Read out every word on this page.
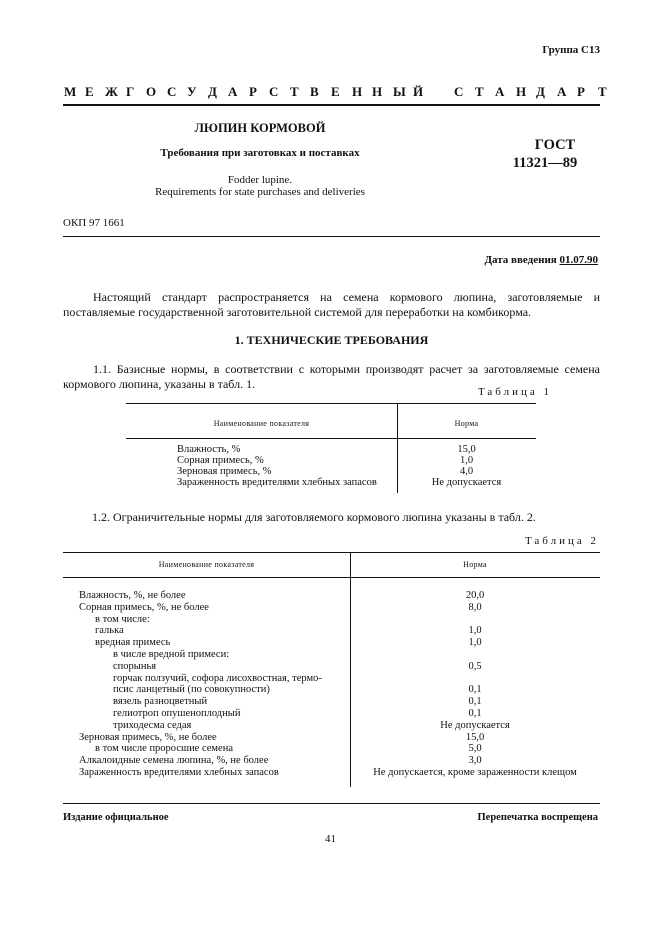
Группа С13
М Е Ж Г О С У Д А Р С Т В Е Н Н Ы Й С Т А Н Д А Р Т
ЛЮПИН КОРМОВОЙ
Требования при заготовках и поставках
Fodder lupine.
Requirements for state purchases and deliveries
ГОСТ
11321—89
ОКП 97 1661
Дата введения 01.07.90
Настоящий стандарт распространяется на семена кормового люпина, заготовляемые и поставляемые государственной заготовительной системой для переработки на комбикорма.
1. ТЕХНИЧЕСКИЕ ТРЕБОВАНИЯ
1.1. Базисные нормы, в соответствии с которыми производят расчет за заготовляемые семена кормового люпина, указаны в табл. 1.
Таблица 1
Наименование показателя	Норма
Влажность, %	15,0
Сорная примесь, %	1,0
Зерновая примесь, %	4,0
Зараженность вредителями хлебных запасов	Не допускается
1.2. Ограничительные нормы для заготовляемого кормового люпина указаны в табл. 2.
Таблица 2
Наименование показателя	Норма
Влажность, %, не более	20,0
Сорная примесь, %, не более	8,0
в том числе:
галька	1,0
вредная примесь	1,0
в числе вредной примеси:
спорынья	0,5
горчак ползучий, софора лисохвостная, термо-
псис ланцетный (по совокупности)	0,1
вязель разноцветный	0,1
гелиотроп опушеноплодный	0,1
триходесма седая	Не допускается
Зерновая примесь, %, не более	15,0
в том числе проросшие семена	5,0
Алкалоидные семена люпина, %, не более	3,0
Зараженность вредителями хлебных запасов	Не допускается, кроме зараженности клещом
Издание официальное	Перепечатка воспрещена
41
